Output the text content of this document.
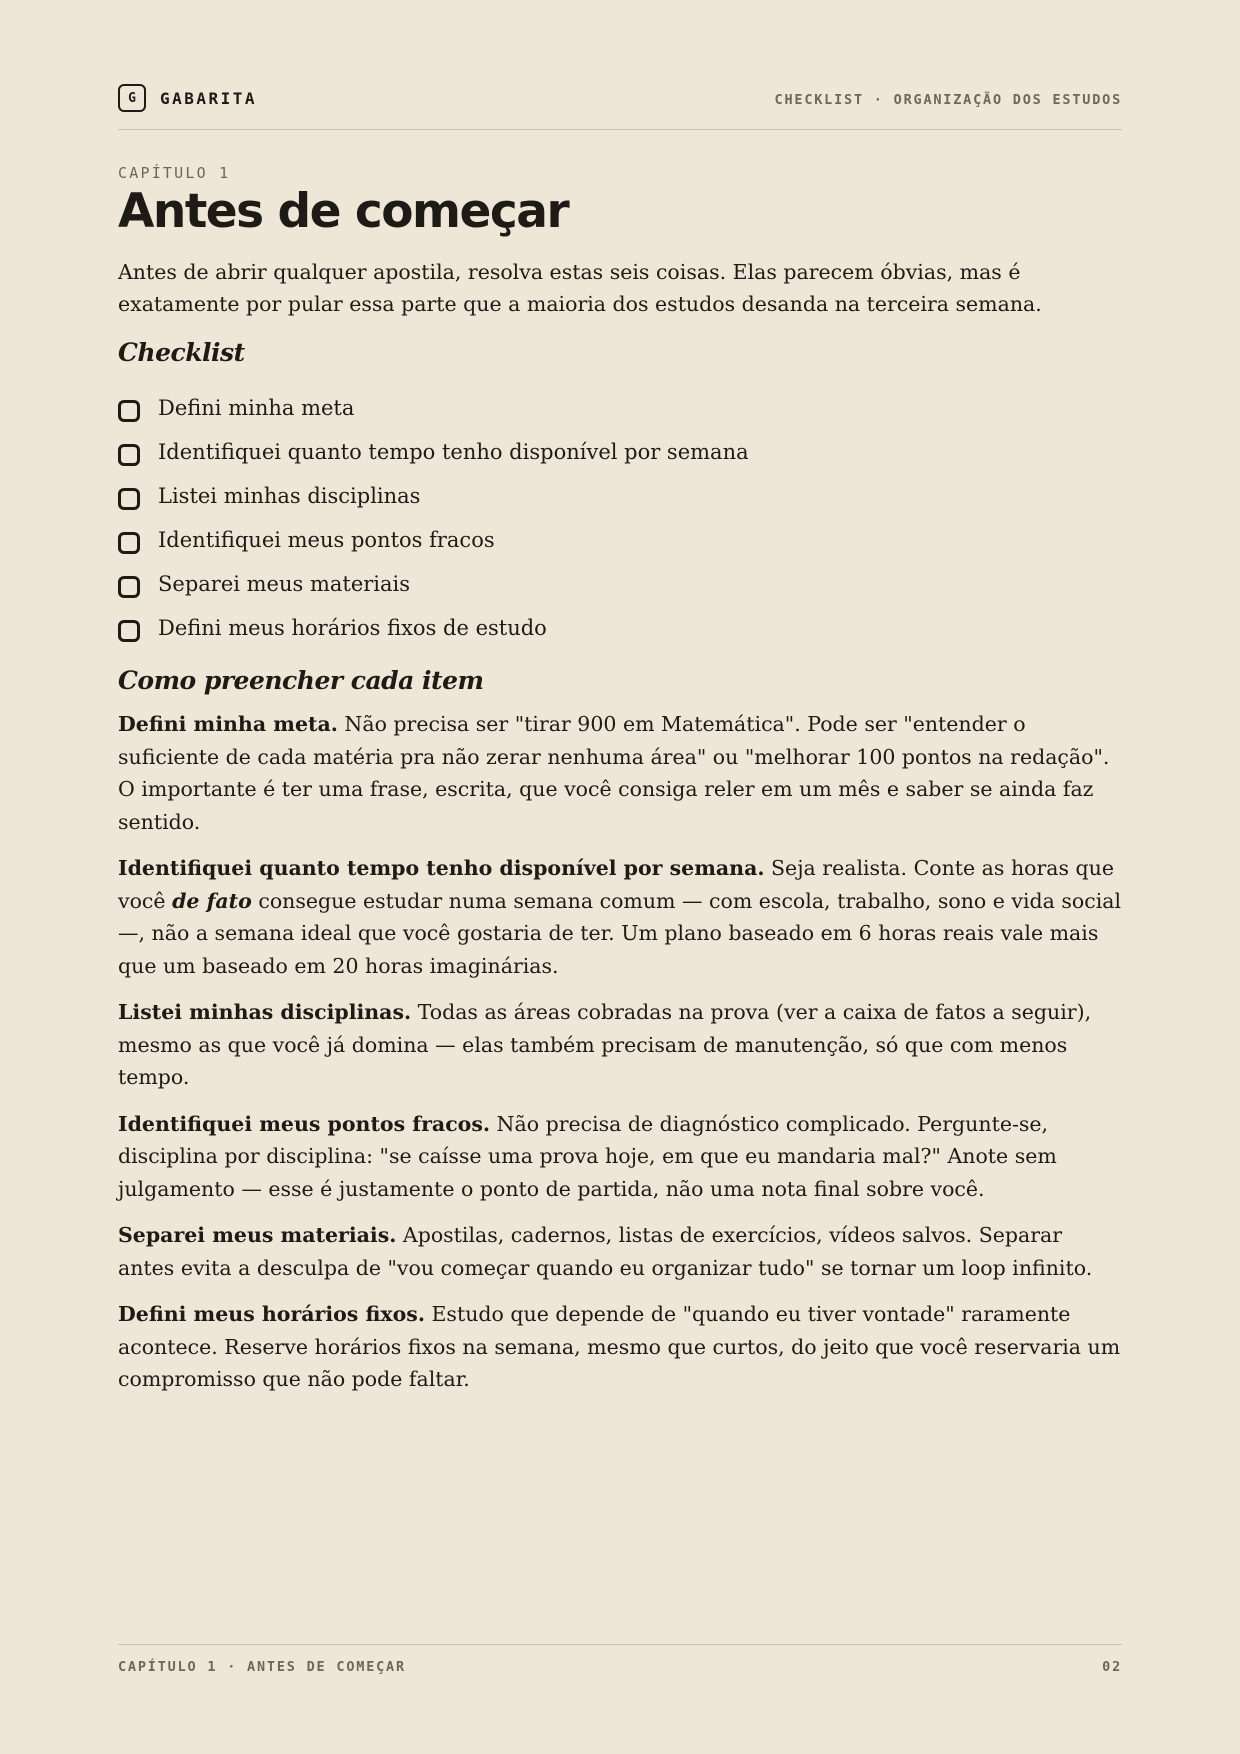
G	GABARITA	CHECKLIST · ORGANIZAÇÃO DOS ESTUDOS
CAPÍTULO 1
Antes de começar

Antes de abrir qualquer apostila, resolva estas seis coisas. Elas parecem óbvias, mas é exatamente por pular essa parte que a maioria dos estudos desanda na terceira semana.

Checklist
Defini minha meta
Identifiquei quanto tempo tenho disponível por semana
Listei minhas disciplinas
Identifiquei meus pontos fracos
Separei meus materiais
Defini meus horários fixos de estudo
Como preencher cada item

Defini minha meta. Não precisa ser "tirar 900 em Matemática". Pode ser "entender o suficiente de cada matéria pra não zerar nenhuma área" ou "melhorar 100 pontos na redação". O importante é ter uma frase, escrita, que você consiga reler em um mês e saber se ainda faz sentido.

Identifiquei quanto tempo tenho disponível por semana. Seja realista. Conte as horas que você de fato consegue estudar numa semana comum — com escola, trabalho, sono e vida social —, não a semana ideal que você gostaria de ter. Um plano baseado em 6 horas reais vale mais que um baseado em 20 horas imaginárias.

Listei minhas disciplinas. Todas as áreas cobradas na prova (ver a caixa de fatos a seguir), mesmo as que você já domina — elas também precisam de manutenção, só que com menos tempo.

Identifiquei meus pontos fracos. Não precisa de diagnóstico complicado. Pergunte-se, disciplina por disciplina: "se caísse uma prova hoje, em que eu mandaria mal?" Anote sem julgamento — esse é justamente o ponto de partida, não uma nota final sobre você.

Separei meus materiais. Apostilas, cadernos, listas de exercícios, vídeos salvos. Separar antes evita a desculpa de "vou começar quando eu organizar tudo" se tornar um loop infinito.

Defini meus horários fixos. Estudo que depende de "quando eu tiver vontade" raramente acontece. Reserve horários fixos na semana, mesmo que curtos, do jeito que você reservaria um compromisso que não pode faltar.

CAPÍTULO 1 · ANTES DE COMEÇAR	02
